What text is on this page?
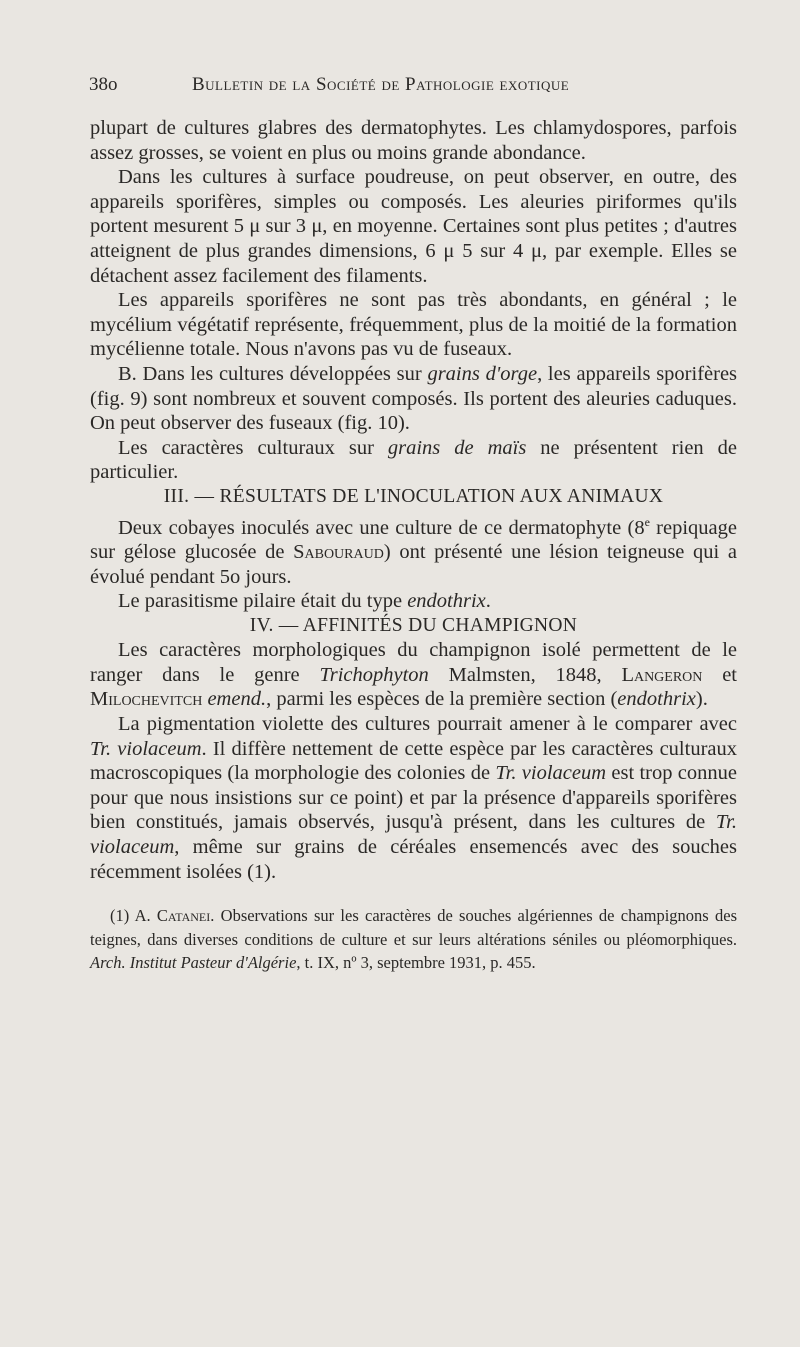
38o	Bulletin de la Société de Pathologie exotique

plupart de cultures glabres des dermatophytes. Les chlamydospores, parfois assez grosses, se voient en plus ou moins grande abondance.

Dans les cultures à surface poudreuse, on peut observer, en outre, des appareils sporifères, simples ou composés. Les aleuries piriformes qu'ils portent mesurent 5 μ sur 3 μ, en moyenne. Certaines sont plus petites ; d'autres atteignent de plus grandes dimensions, 6 μ 5 sur 4 μ, par exemple. Elles se détachent assez facilement des filaments.

Les appareils sporifères ne sont pas très abondants, en général ; le mycélium végétatif représente, fréquemment, plus de la moitié de la formation mycélienne totale. Nous n'avons pas vu de fuseaux.

B. Dans les cultures développées sur grains d'orge, les appareils sporifères (fig. 9) sont nombreux et souvent composés. Ils portent des aleuries caduques. On peut observer des fuseaux (fig. 10).

Les caractères culturaux sur grains de maïs ne présentent rien de particulier.

III. — RÉSULTATS DE L'INOCULATION AUX ANIMAUX

Deux cobayes inoculés avec une culture de ce dermatophyte (8e repiquage sur gélose glucosée de Sabouraud) ont présenté une lésion teigneuse qui a évolué pendant 5o jours.

Le parasitisme pilaire était du type endothrix.

IV. — AFFINITÉS DU CHAMPIGNON

Les caractères morphologiques du champignon isolé permettent de le ranger dans le genre Trichophyton Malmsten, 1848, Langeron et Milochevitch emend., parmi les espèces de la première section (endothrix).

La pigmentation violette des cultures pourrait amener à le comparer avec Tr. violaceum. Il diffère nettement de cette espèce par les caractères culturaux macroscopiques (la morphologie des colonies de Tr. violaceum est trop connue pour que nous insistions sur ce point) et par la présence d'appareils sporifères bien constitués, jamais observés, jusqu'à présent, dans les cultures de Tr. violaceum, même sur grains de céréales ensemencés avec des souches récemment isolées (1).

(1) A. Catanei. Observations sur les caractères de souches algériennes de champignons des teignes, dans diverses conditions de culture et sur leurs altérations séniles ou pléomorphiques. Arch. Institut Pasteur d'Algérie, t. IX, nº 3, septembre 1931, p. 455.
